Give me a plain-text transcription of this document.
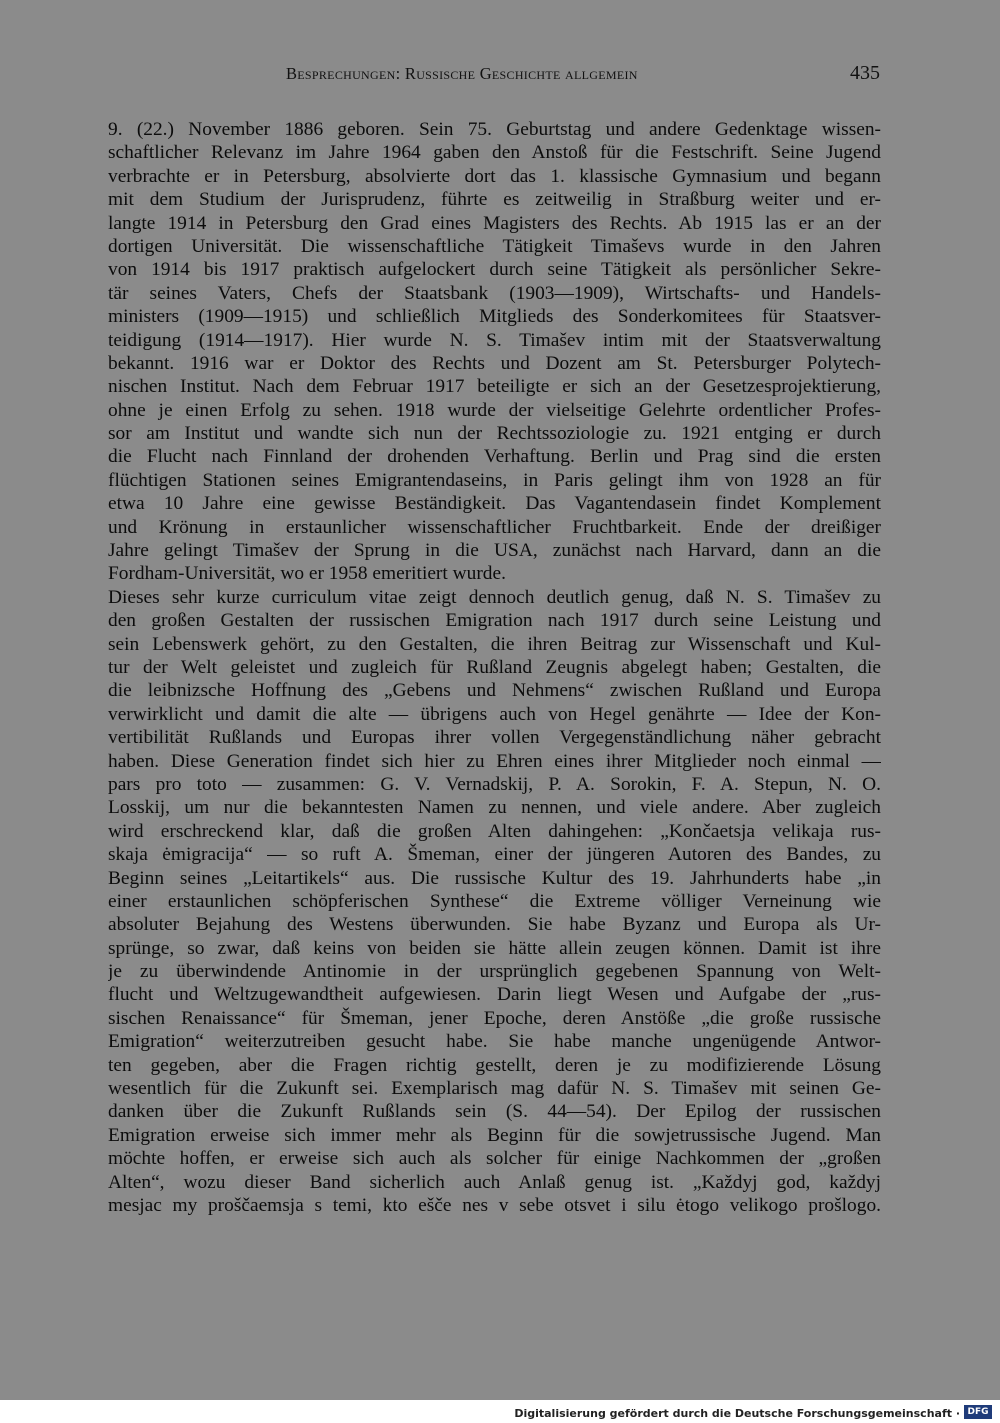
Besprechungen: Russische Geschichte allgemein	435
9. (22.) November 1886 geboren. Sein 75. Geburtstag und andere Gedenktage wissen-
schaftlicher Relevanz im Jahre 1964 gaben den Anstoß für die Festschrift. Seine Jugend
verbrachte er in Petersburg, absolvierte dort das 1. klassische Gymnasium und begann
mit dem Studium der Jurisprudenz, führte es zeitweilig in Straßburg weiter und er-
langte 1914 in Petersburg den Grad eines Magisters des Rechts. Ab 1915 las er an der
dortigen Universität. Die wissenschaftliche Tätigkeit Timaševs wurde in den Jahren
von 1914 bis 1917 praktisch aufgelockert durch seine Tätigkeit als persönlicher Sekre-
tär seines Vaters, Chefs der Staatsbank (1903—1909), Wirtschafts- und Handels-
ministers (1909—1915) und schließlich Mitglieds des Sonderkomitees für Staatsver-
teidigung (1914—1917). Hier wurde N. S. Timašev intim mit der Staatsverwaltung
bekannt. 1916 war er Doktor des Rechts und Dozent am St. Petersburger Polytech-
nischen Institut. Nach dem Februar 1917 beteiligte er sich an der Gesetzesprojektierung,
ohne je einen Erfolg zu sehen. 1918 wurde der vielseitige Gelehrte ordentlicher Profes-
sor am Institut und wandte sich nun der Rechtssoziologie zu. 1921 entging er durch
die Flucht nach Finnland der drohenden Verhaftung. Berlin und Prag sind die ersten
flüchtigen Stationen seines Emigrantendaseins, in Paris gelingt ihm von 1928 an für
etwa 10 Jahre eine gewisse Beständigkeit. Das Vagantendasein findet Komplement
und Krönung in erstaunlicher wissenschaftlicher Fruchtbarkeit. Ende der dreißiger
Jahre gelingt Timašev der Sprung in die USA, zunächst nach Harvard, dann an die
Fordham-Universität, wo er 1958 emeritiert wurde.
Dieses sehr kurze curriculum vitae zeigt dennoch deutlich genug, daß N. S. Timašev zu
den großen Gestalten der russischen Emigration nach 1917 durch seine Leistung und
sein Lebenswerk gehört, zu den Gestalten, die ihren Beitrag zur Wissenschaft und Kul-
tur der Welt geleistet und zugleich für Rußland Zeugnis abgelegt haben; Gestalten, die
die leibnizsche Hoffnung des „Gebens und Nehmens“ zwischen Rußland und Europa
verwirklicht und damit die alte — übrigens auch von Hegel genährte — Idee der Kon-
vertibilität Rußlands und Europas ihrer vollen Vergegenständlichung näher gebracht
haben. Diese Generation findet sich hier zu Ehren eines ihrer Mitglieder noch einmal —
pars pro toto — zusammen: G. V. Vernadskij, P. A. Sorokin, F. A. Stepun, N. O.
Losskij, um nur die bekanntesten Namen zu nennen, und viele andere. Aber zugleich
wird erschreckend klar, daß die großen Alten dahingehen: „Končaetsja velikaja rus-
skaja ėmigracija“ — so ruft A. Šmeman, einer der jüngeren Autoren des Bandes, zu
Beginn seines „Leitartikels“ aus. Die russische Kultur des 19. Jahrhunderts habe „in
einer erstaunlichen schöpferischen Synthese“ die Extreme völliger Verneinung wie
absoluter Bejahung des Westens überwunden. Sie habe Byzanz und Europa als Ur-
sprünge, so zwar, daß keins von beiden sie hätte allein zeugen können. Damit ist ihre
je zu überwindende Antinomie in der ursprünglich gegebenen Spannung von Welt-
flucht und Weltzugewandtheit aufgewiesen. Darin liegt Wesen und Aufgabe der „rus-
sischen Renaissance“ für Šmeman, jener Epoche, deren Anstöße „die große russische
Emigration“ weiterzutreiben gesucht habe. Sie habe manche ungenügende Antwor-
ten gegeben, aber die Fragen richtig gestellt, deren je zu modifizierende Lösung
wesentlich für die Zukunft sei. Exemplarisch mag dafür N. S. Timašev mit seinen Ge-
danken über die Zukunft Rußlands sein (S. 44—54). Der Epilog der russischen
Emigration erweise sich immer mehr als Beginn für die sowjetrussische Jugend. Man
möchte hoffen, er erweise sich auch als solcher für einige Nachkommen der „großen
Alten“, wozu dieser Band sicherlich auch Anlaß genug ist. „Každyj god, každyj
mesjac my proščaemsja s temi, kto ešče nes v sebe otsvet i silu ėtogo velikogo prošlogo.
Digitalisierung gefördert durch die Deutsche Forschungsgemeinschaft · DFG
